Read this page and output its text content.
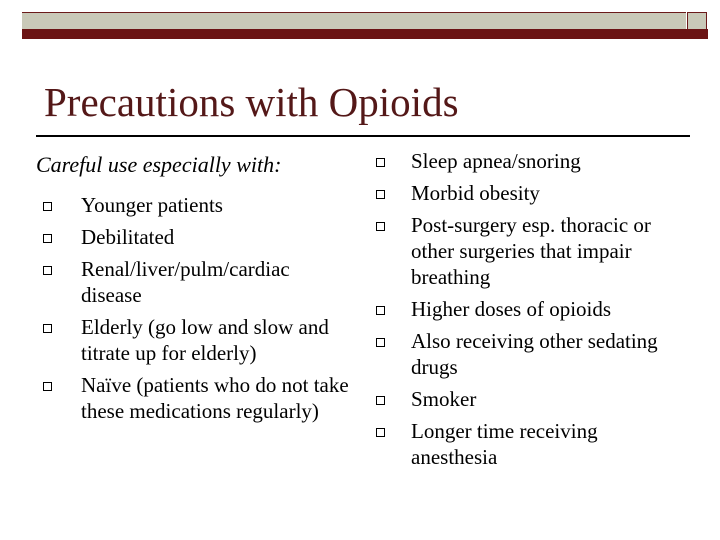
Precautions with Opioids

Careful use especially with:

Younger patients
Debilitated
Renal/liver/pulm/cardiac disease
Elderly (go low and slow and titrate up for elderly)
Naïve (patients who do not take these medications regularly)
Sleep apnea/snoring
Morbid obesity
Post-surgery esp. thoracic or other surgeries that impair breathing
Higher doses of opioids
Also receiving other sedating drugs
Smoker
Longer time receiving anesthesia
